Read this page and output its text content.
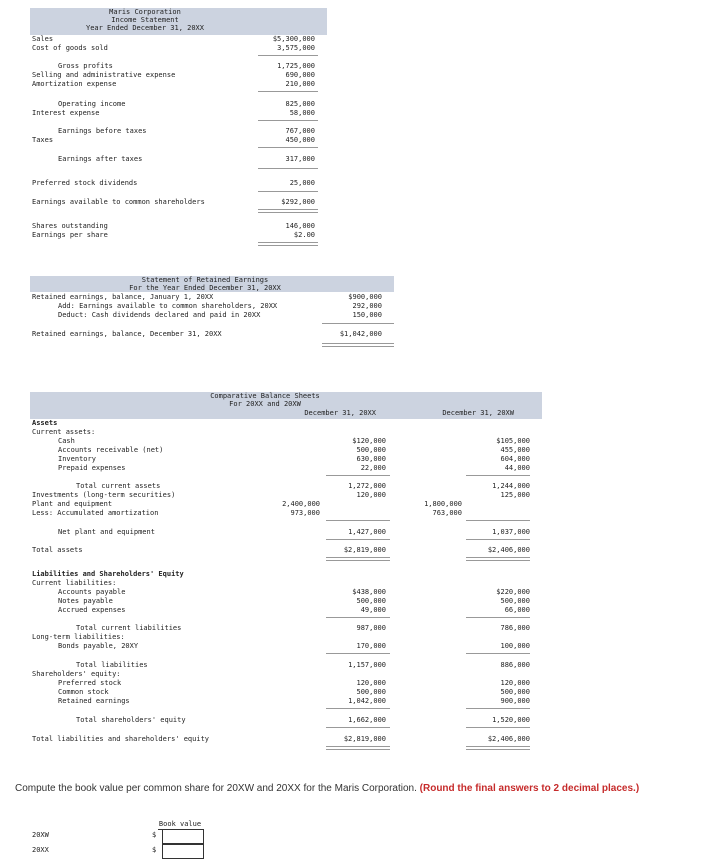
Maris Corporation
Income Statement
Year Ended December 31, 20XX
Sales	$5,300,000
Cost of goods sold	3,575,000
Gross profits	1,725,000
Selling and administrative expense	690,000
Amortization expense	210,000
Operating income	825,000
Interest expense	58,000
Earnings before taxes	767,000
Taxes	450,000
Earnings after taxes	317,000
Preferred stock dividends	25,000
Earnings available to common shareholders	$292,000
Shares outstanding	146,000
Earnings per share	$2.00
Statement of Retained Earnings
For the Year Ended December 31, 20XX
Retained earnings, balance, January 1, 20XX	$900,000
Add: Earnings available to common shareholders, 20XX	292,000
Deduct: Cash dividends declared and paid in 20XX	150,000
Retained earnings, balance, December 31, 20XX	$1,042,000
Comparative Balance Sheets
For 20XX and 20XW
December 31, 20XX	December 31, 20XW
Assets
Current assets:
Cash	$120,000	$105,000
Accounts receivable (net)	500,000	455,000
Inventory	630,000	604,000
Prepaid expenses	22,000	44,000
Total current assets	1,272,000	1,244,000
Investments (long-term securities)	120,000	125,000
Plant and equipment	2,400,000	1,800,000
Less: Accumulated amortization	973,000	763,000
Net plant and equipment	1,427,000	1,037,000
Total assets	$2,819,000	$2,406,000
Liabilities and Shareholders' Equity
Current liabilities:
Accounts payable	$438,000	$220,000
Notes payable	500,000	500,000
Accrued expenses	49,000	66,000
Total current liabilities	987,000	786,000
Long-term liabilities:
Bonds payable, 20XY	170,000	100,000
Total liabilities	1,157,000	886,000
Shareholders' equity:
Preferred stock	120,000	120,000
Common stock	500,000	500,000
Retained earnings	1,042,000	900,000
Total shareholders' equity	1,662,000	1,520,000
Total liabilities and shareholders' equity	$2,819,000	$2,406,000
Compute the book value per common share for 20XW and 20XX for the Maris Corporation. (Round the final answers to 2 decimal places.)
Book value
20XW	$
20XX	$
